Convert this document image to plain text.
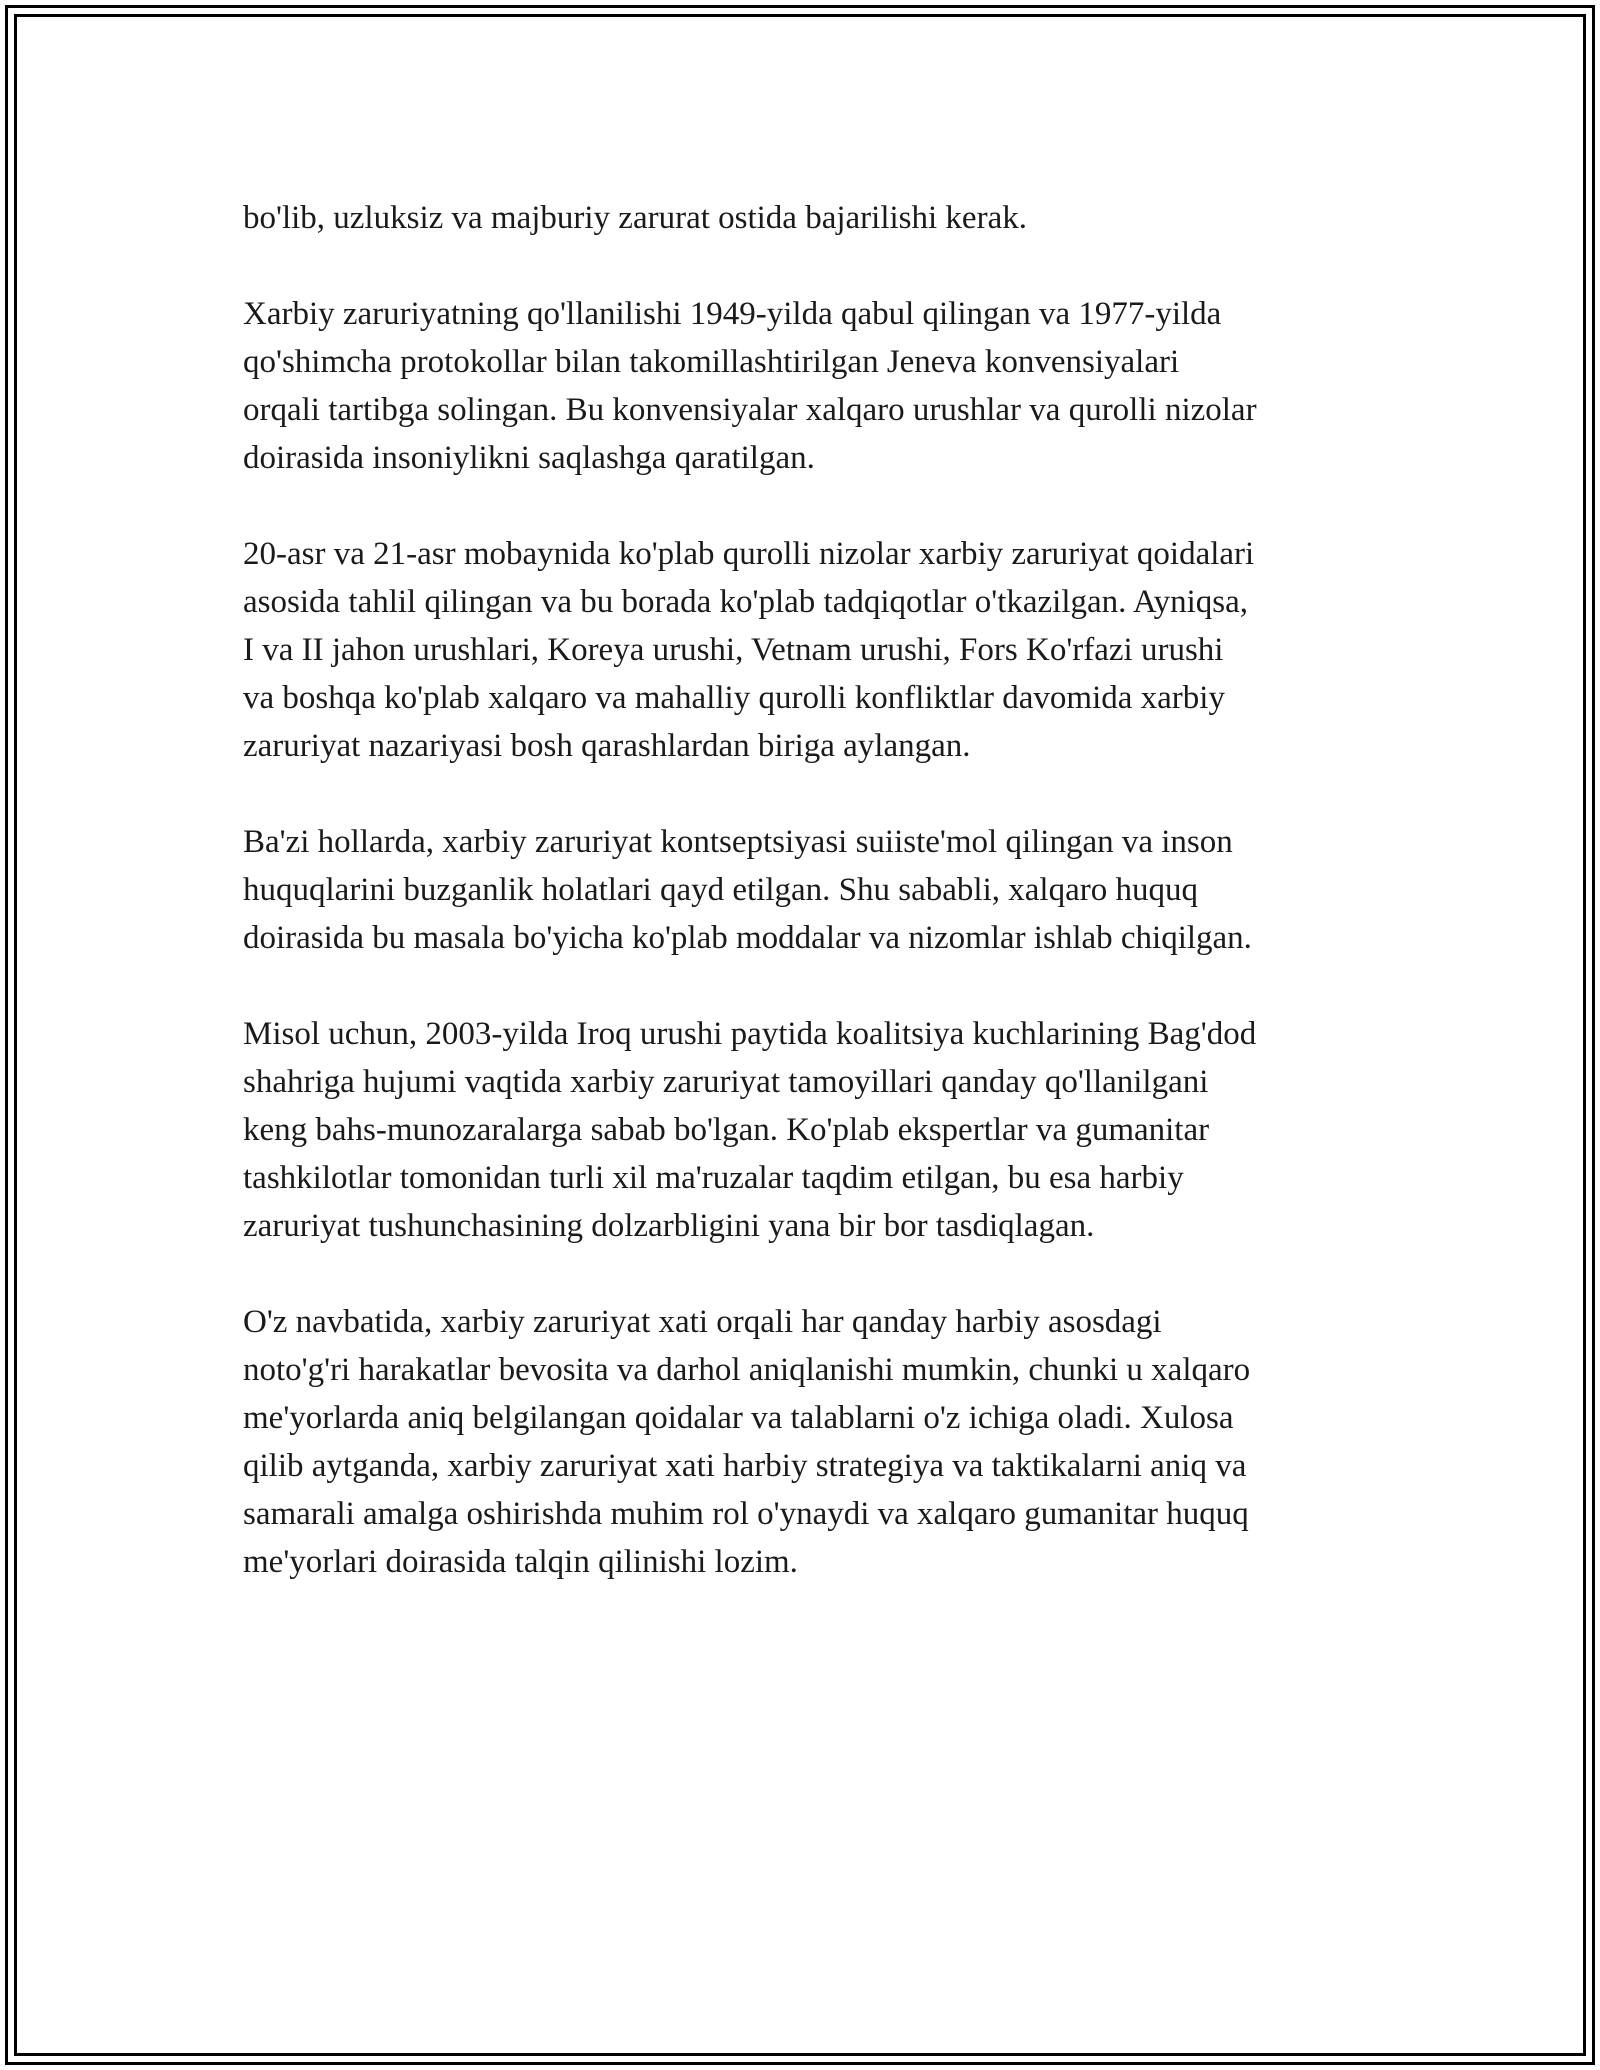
bo'lib, uzluksiz va majburiy zarurat ostida bajarilishi kerak.

Xarbiy zaruriyatning qo'llanilishi 1949-yilda qabul qilingan va 1977-yilda
qo'shimcha protokollar bilan takomillashtirilgan Jeneva konvensiyalari
orqali tartibga solingan. Bu konvensiyalar xalqaro urushlar va qurolli nizolar
doirasida insoniylikni saqlashga qaratilgan.

20-asr va 21-asr mobaynida ko'plab qurolli nizolar xarbiy zaruriyat qoidalari
asosida tahlil qilingan va bu borada ko'plab tadqiqotlar o'tkazilgan. Ayniqsa,
I va II jahon urushlari, Koreya urushi, Vetnam urushi, Fors Ko'rfazi urushi
va boshqa ko'plab xalqaro va mahalliy qurolli konfliktlar davomida xarbiy
zaruriyat nazariyasi bosh qarashlardan biriga aylangan.

Ba'zi hollarda, xarbiy zaruriyat kontseptsiyasi suiiste'mol qilingan va inson
huquqlarini buzganlik holatlari qayd etilgan. Shu sababli, xalqaro huquq
doirasida bu masala bo'yicha ko'plab moddalar va nizomlar ishlab chiqilgan.

Misol uchun, 2003-yilda Iroq urushi paytida koalitsiya kuchlarining Bag'dod
shahriga hujumi vaqtida xarbiy zaruriyat tamoyillari qanday qo'llanilgani
keng bahs-munozaralarga sabab bo'lgan. Ko'plab ekspertlar va gumanitar
tashkilotlar tomonidan turli xil ma'ruzalar taqdim etilgan, bu esa harbiy
zaruriyat tushunchasining dolzarbligini yana bir bor tasdiqlagan.

O'z navbatida, xarbiy zaruriyat xati orqali har qanday harbiy asosdagi
noto'g'ri harakatlar bevosita va darhol aniqlanishi mumkin, chunki u xalqaro
me'yorlarda aniq belgilangan qoidalar va talablarni o'z ichiga oladi. Xulosa
qilib aytganda, xarbiy zaruriyat xati harbiy strategiya va taktikalarni aniq va
samarali amalga oshirishda muhim rol o'ynaydi va xalqaro gumanitar huquq
me'yorlari doirasida talqin qilinishi lozim.
